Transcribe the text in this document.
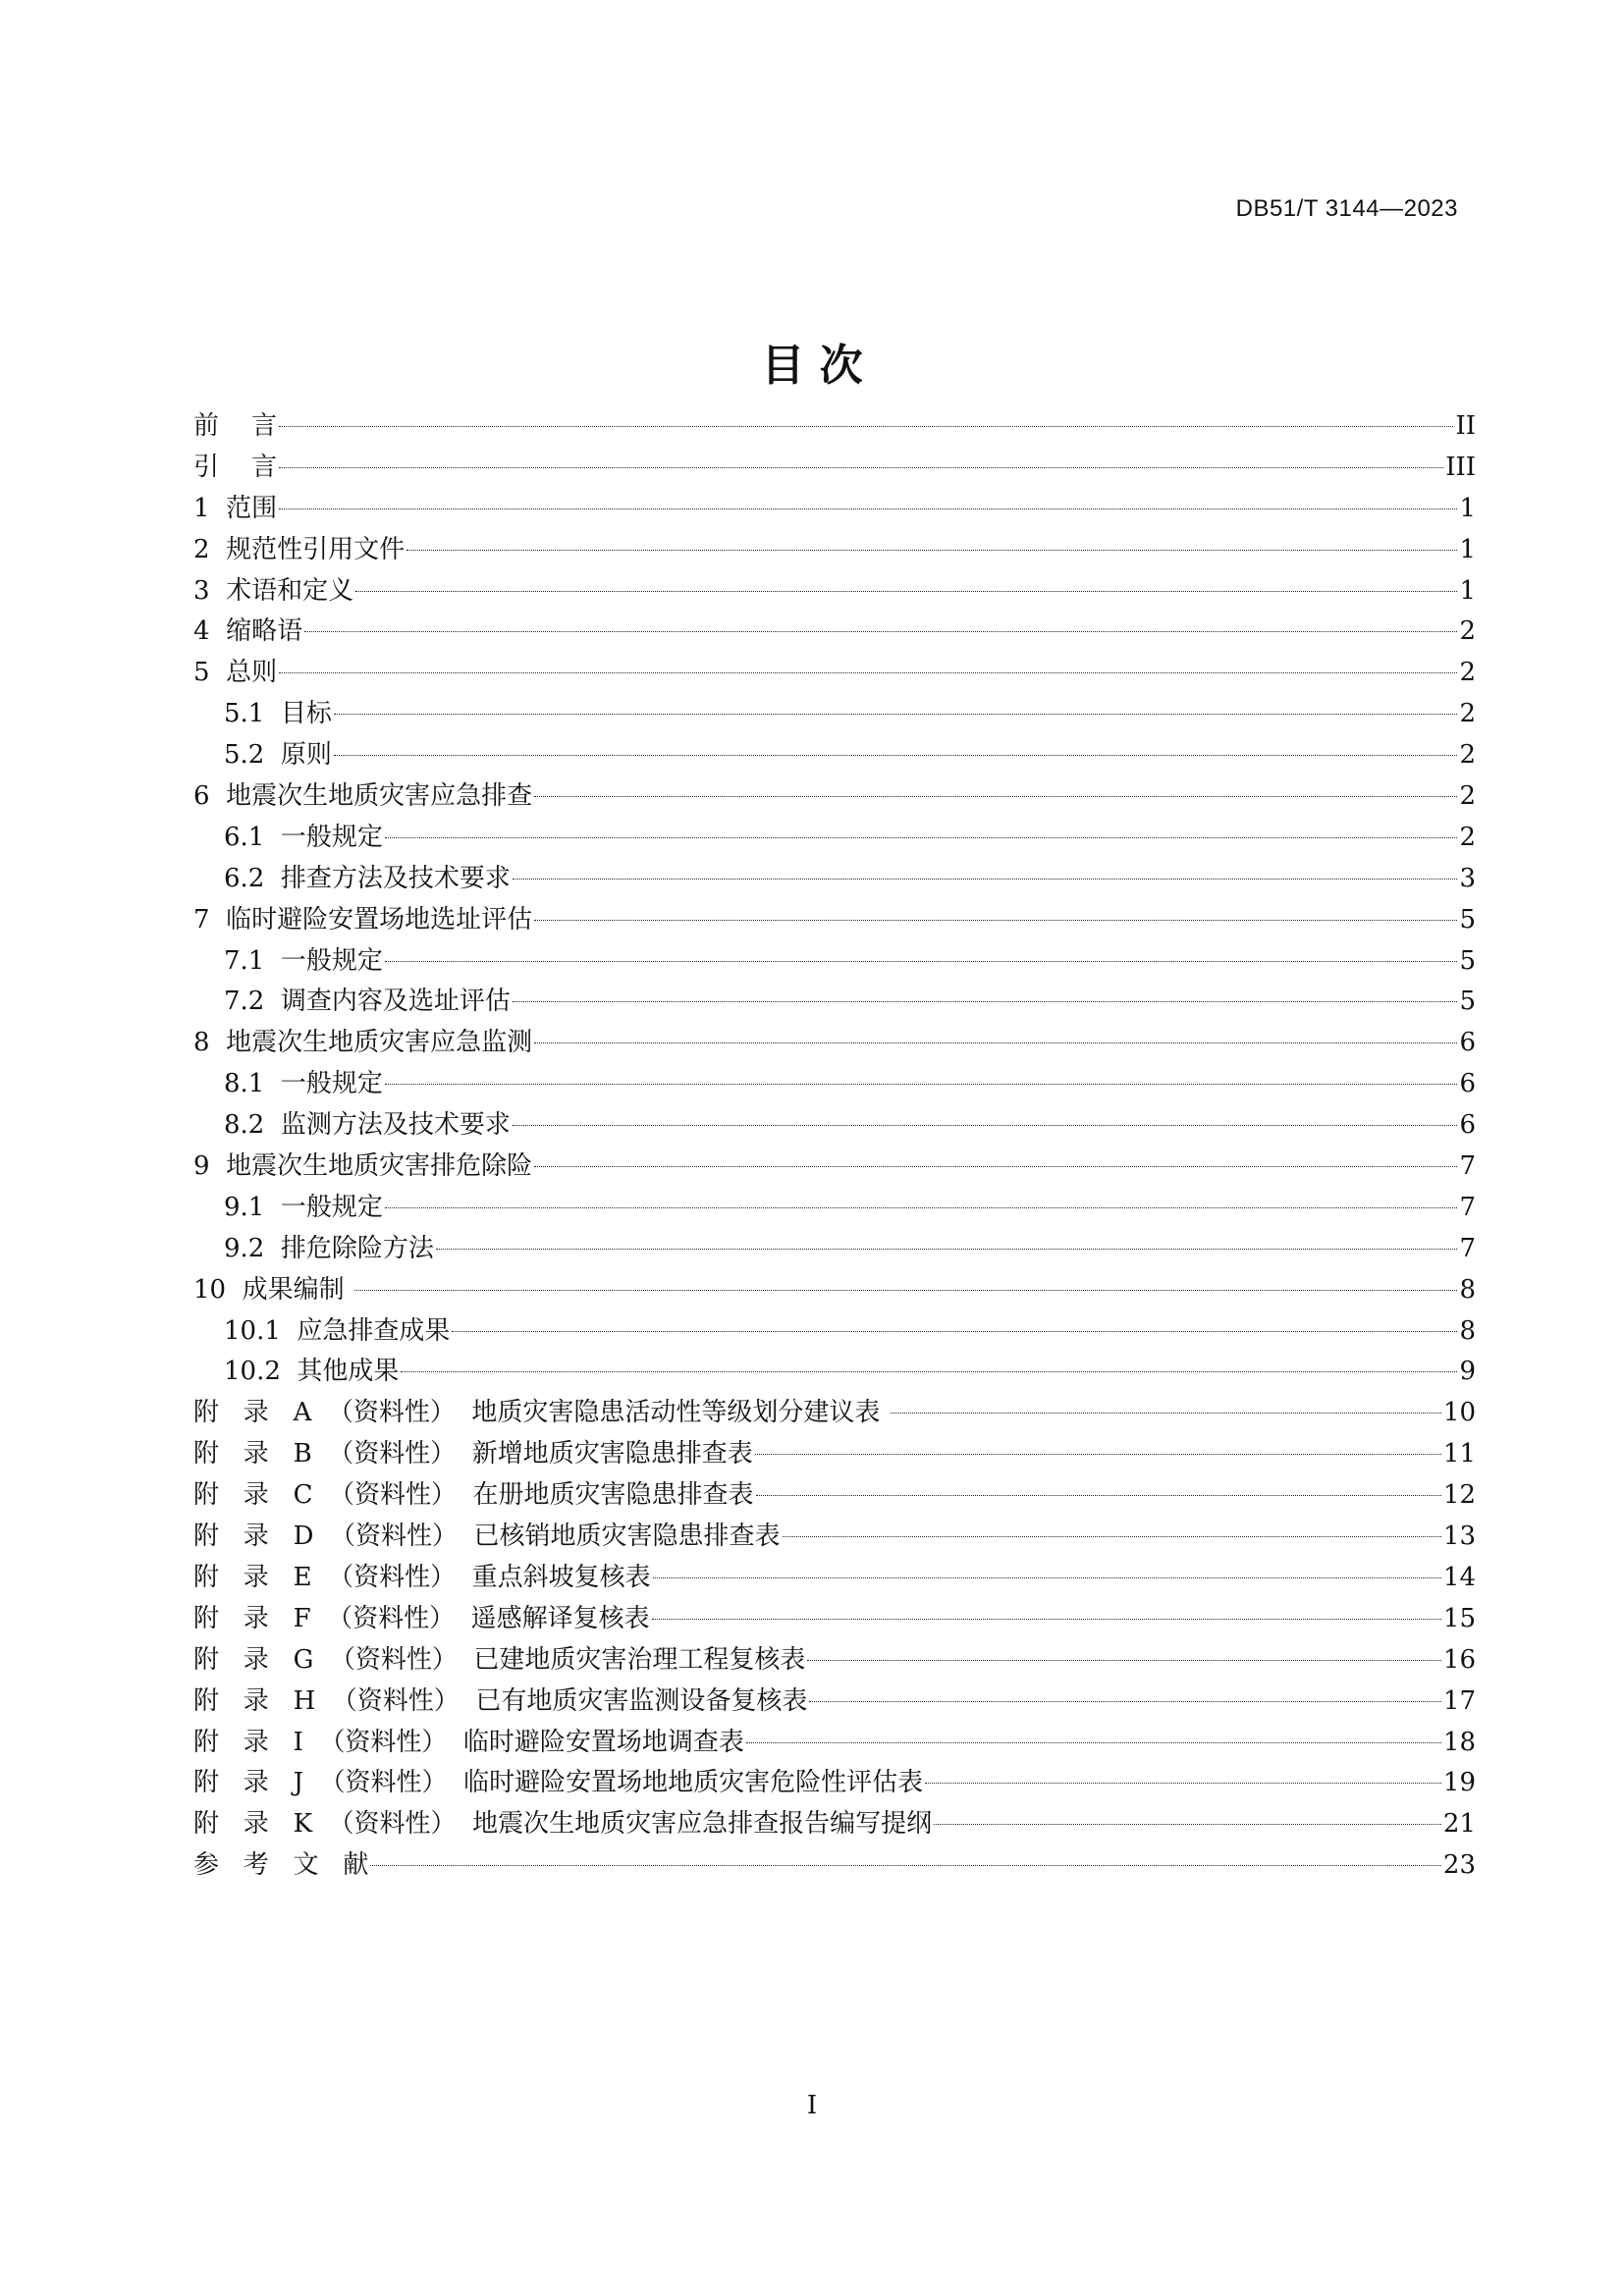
DB51/T 3144—2023
目 次
前    言	II
引    言	III
1  范围	1
2  规范性引用文件	1
3  术语和定义	1
4  缩略语	2
5  总则	2
5.1  目标	2
5.2  原则	2
6  地震次生地质灾害应急排查	2
6.1  一般规定	2
6.2  排查方法及技术要求	3
7  临时避险安置场地选址评估	5
7.1  一般规定	5
7.2  调查内容及选址评估	5
8  地震次生地质灾害应急监测	6
8.1  一般规定	6
8.2  监测方法及技术要求	6
9  地震次生地质灾害排危除险	7
9.1  一般规定	7
9.2  排危除险方法	7
10  成果编制	8
10.1  应急排查成果	8
10.2  其他成果	9
附   录   A  （资料性）  地质灾害隐患活动性等级划分建议表	10
附   录   B  （资料性）  新增地质灾害隐患排查表	11
附   录   C  （资料性）  在册地质灾害隐患排查表	12
附   录   D  （资料性）  已核销地质灾害隐患排查表	13
附   录   E  （资料性）  重点斜坡复核表	14
附   录   F  （资料性）  遥感解译复核表	15
附   录   G  （资料性）  已建地质灾害治理工程复核表	16
附   录   H  （资料性）  已有地质灾害监测设备复核表	17
附   录   I  （资料性）  临时避险安置场地调查表	18
附   录   J  （资料性）  临时避险安置场地地质灾害危险性评估表	19
附   录   K  （资料性）  地震次生地质灾害应急排查报告编写提纲	21
参   考   文   献	23
I
